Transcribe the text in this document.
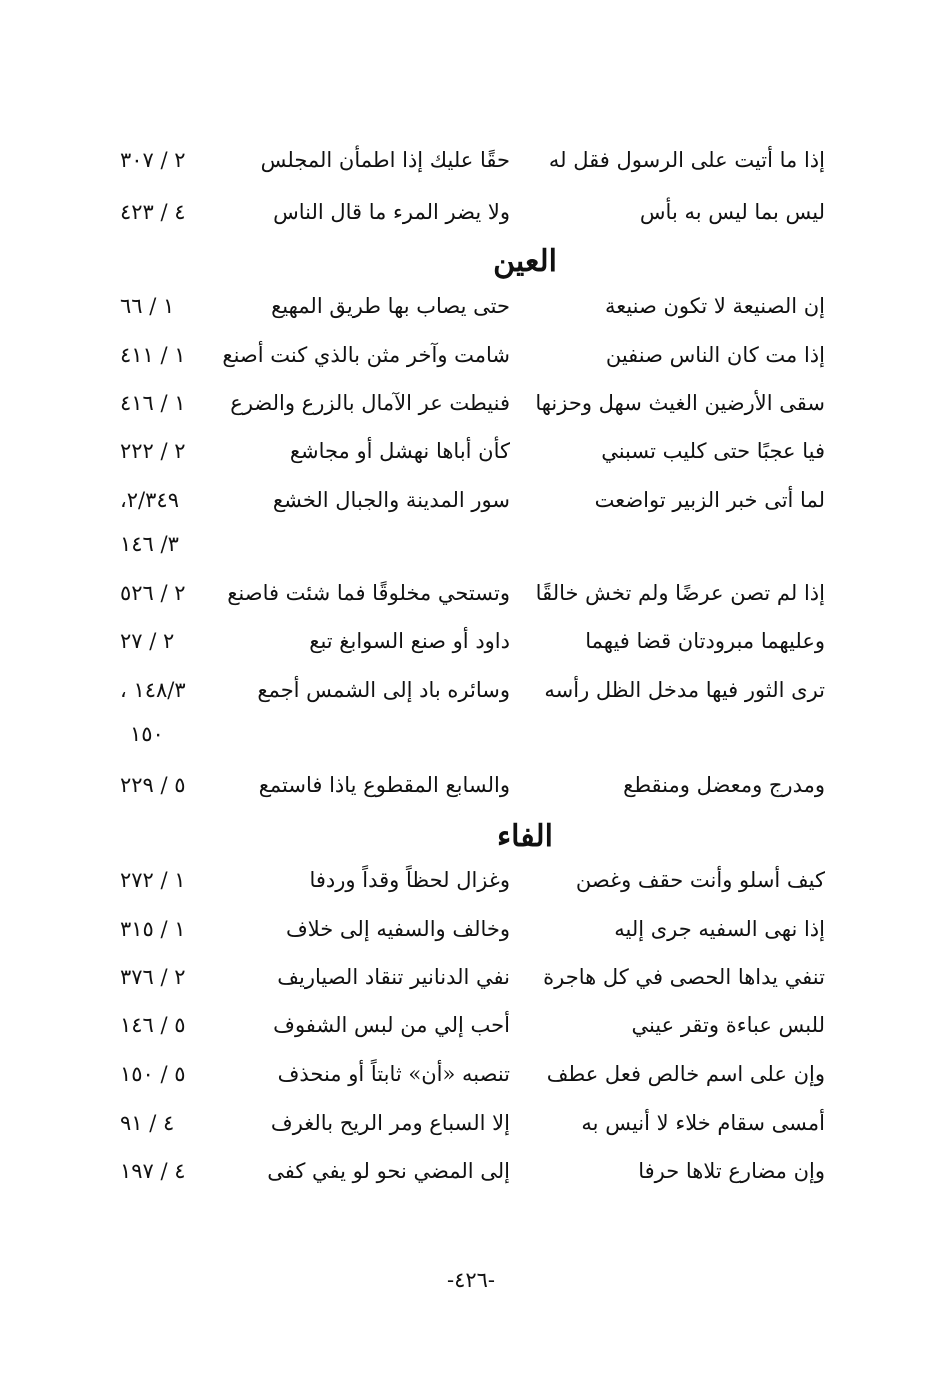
إذا ما أتيت على الرسول فقل له
حقًا عليك إذا اطمأن المجلس
٢ / ٣٠٧
ليس بما ليس به بأس
ولا يضر المرء ما قال الناس
٤ / ٤٢٣
العين
إن الصنيعة لا تكون صنيعة
حتى يصاب بها طريق المهيع
١ / ٦٦
إذا مت كان الناس صنفين
شامت وآخر مثن بالذي كنت أصنع
١ / ٤١١
سقى الأرضين الغيث سهل وحزنها
فنيطت عر الآمال بالزرع والضرع
١ / ٤١٦
فيا عجبًا حتى كليب تسبني
كأن أباها نهشل أو مجاشع
٢ / ٢٢٢
لما أتى خبر الزبير تواضعت
سور المدينة والجبال الخشع
٢/٣٤٩،
٣/ ١٤٦
إذا لم تصن عرضًا ولم تخش خالقًا
وتستحي مخلوقًا فما شئت فاصنع
٢ / ٥٢٦
وعليهما مبرودتان قضا فيهما
داود أو صنع السوابغ تبع
٢ / ٢٧
ترى الثور فيها مدخل الظل رأسه
وسائره باد إلى الشمس أجمع
١٤٨/٣ ،
١٥٠
ومدرج ومعضل ومنقطع
والسابع المقطوع ياذا فاستمع
٥ / ٢٢٩
الفاء
كيف أسلو وأنت حقف وغصن
وغزال لحظاً وقداً وردفا
١ / ٢٧٢
إذا نهى السفيه جرى إليه
وخالف والسفيه إلى خلاف
١ / ٣١٥
تنفي يداها الحصى في كل هاجرة
نفي الدنانير تنقاد الصياريف
٢ / ٣٧٦
للبس عباءة وتقر عيني
أحب إلي من لبس الشفوف
٥ / ١٤٦
وإن على اسم خالص فعل عطف
تنصبه «أن» ثابتاً أو منحذف
٥ / ١٥٠
أمسى سقام خلاء لا أنيس به
إلا السباع ومر الريح بالغرف
٤ / ٩١
وإن مضارع تلاها حرفا
إلى المضي نحو لو يفي كفى
٤ / ١٩٧
-٤٢٦-
